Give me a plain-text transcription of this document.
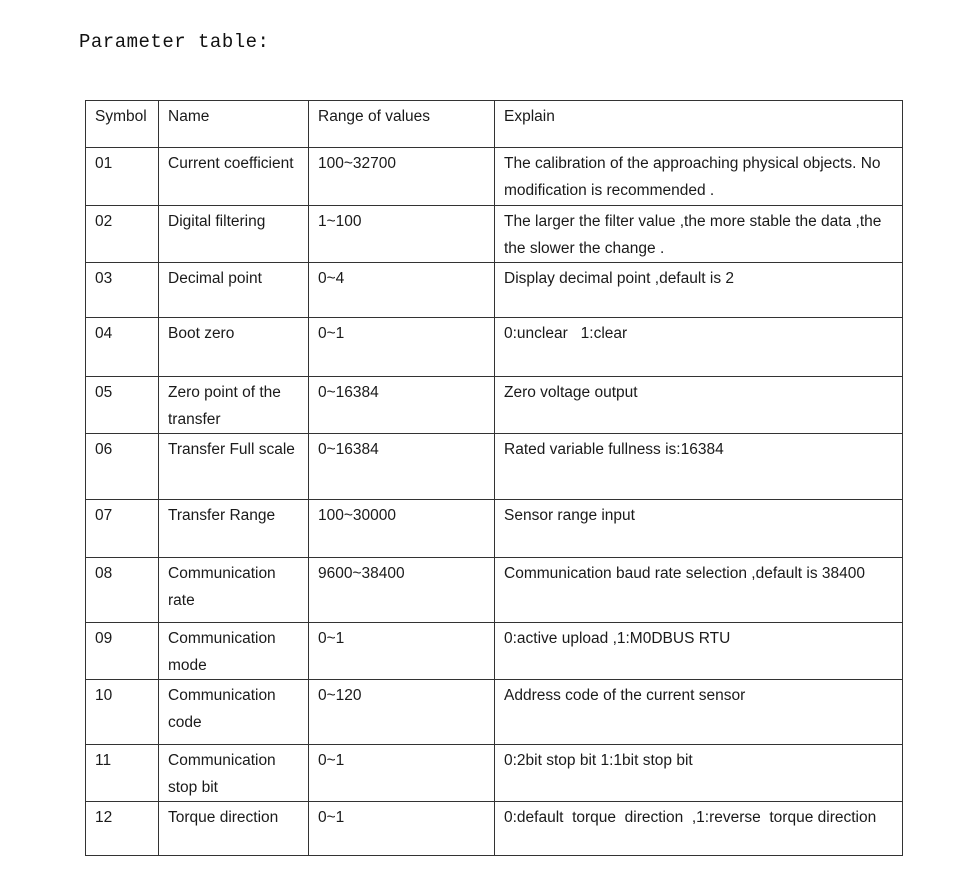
Parameter table:
Symbol	Name	Range of values	Explain
01	Current coefficient	100~32700	The calibration of the approaching physical objects. No modification is recommended .
02	Digital filtering	1~100	The larger the filter value ,the more stable the data ,the the slower the change .
03	Decimal point	0~4	Display decimal point ,default is 2
04	Boot zero	0~1	0:unclear   1:clear
05	Zero point of the transfer	0~16384	Zero voltage output
06	Transfer Full scale	0~16384	Rated variable fullness is:16384
07	Transfer Range	100~30000	Sensor range input
08	Communication rate	9600~38400	Communication baud rate selection ,default is 38400
09	Communication mode	0~1	0:active upload ,1:M0DBUS RTU
10	Communication code	0~120	Address code of the current sensor
11	Communication stop bit	0~1	0:2bit stop bit 1:1bit stop bit
12	Torque direction	0~1	0:default  torque  direction  ,1:reverse  torque direction
